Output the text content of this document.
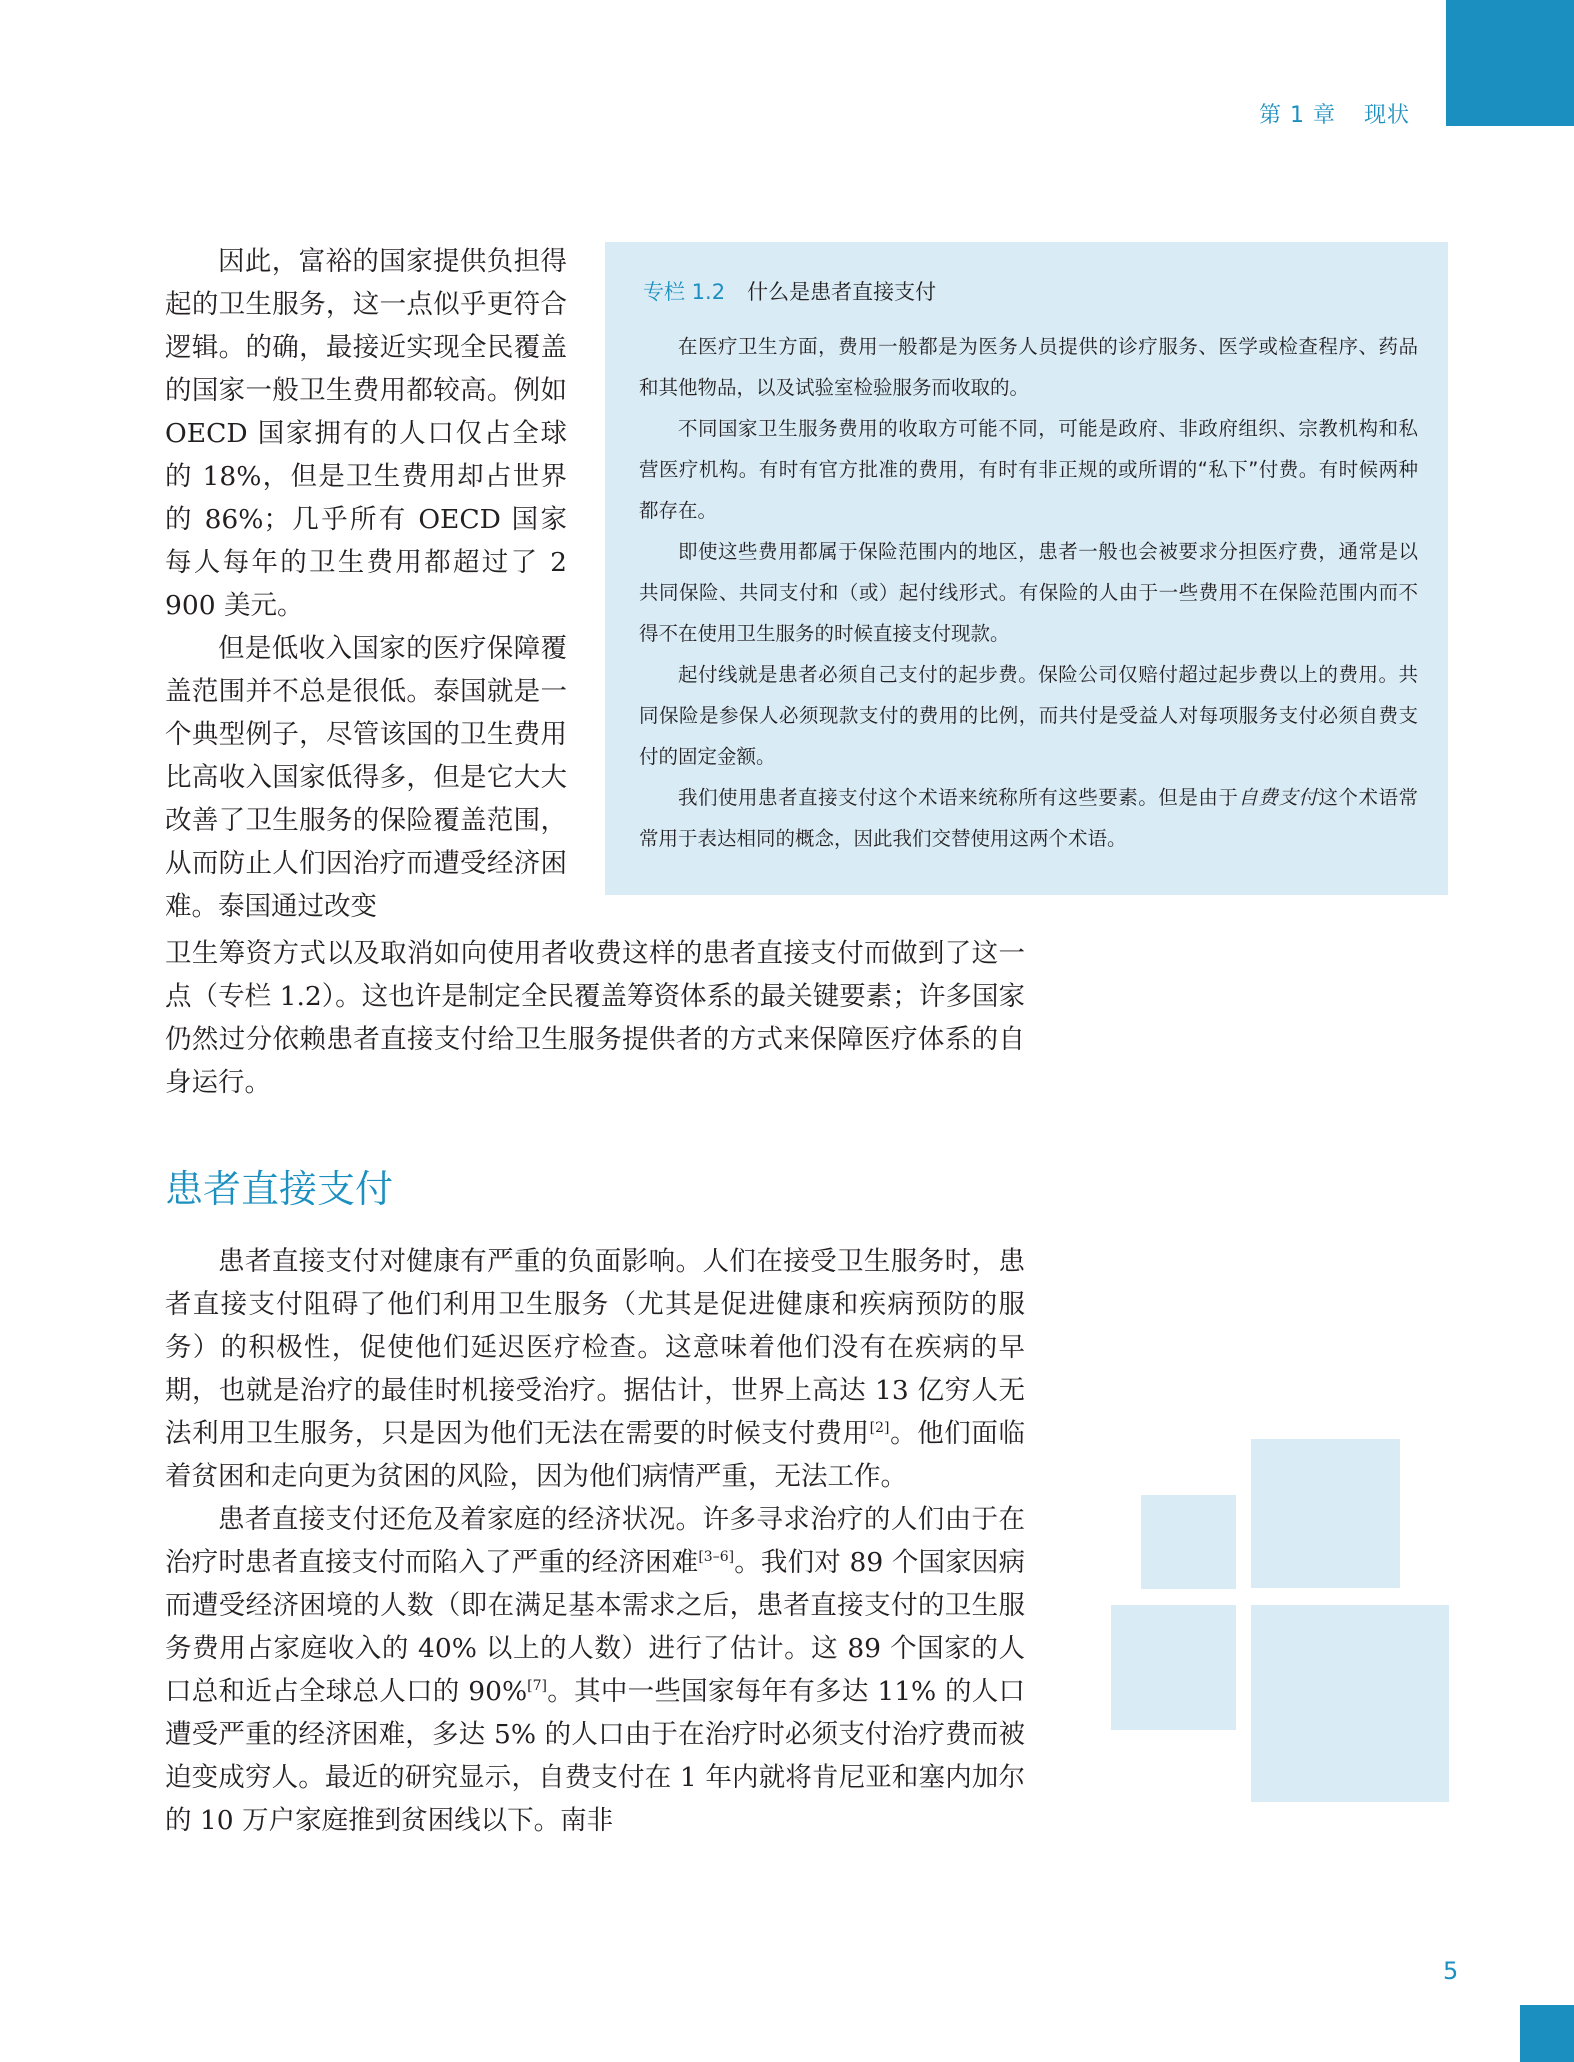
第 1 章 现状

因此，富裕的国家提供负担得起的卫生服务，这一点似乎更符合逻辑。的确，最接近实现全民覆盖的国家一般卫生费用都较高。例如 OECD 国家拥有的人口仅占全球的 18%，但是卫生费用却占世界的 86%；几乎所有 OECD 国家每人每年的卫生费用都超过了 2 900 美元。

但是低收入国家的医疗保障覆盖范围并不总是很低。泰国就是一个典型例子，尽管该国的卫生费用比高收入国家低得多，但是它大大改善了卫生服务的保险覆盖范围，从而防止人们因治疗而遭受经济困难。泰国通过改变

专栏 1.2 什么是患者直接支付

在医疗卫生方面，费用一般都是为医务人员提供的诊疗服务、医学或检查程序、药品和其他物品，以及试验室检验服务而收取的。

不同国家卫生服务费用的收取方可能不同，可能是政府、非政府组织、宗教机构和私营医疗机构。有时有官方批准的费用，有时有非正规的或所谓的“私下”付费。有时候两种都存在。

即使这些费用都属于保险范围内的地区，患者一般也会被要求分担医疗费，通常是以共同保险、共同支付和（或）起付线形式。有保险的人由于一些费用不在保险范围内而不得不在使用卫生服务的时候直接支付现款。

起付线就是患者必须自己支付的起步费。保险公司仅赔付超过起步费以上的费用。共同保险是参保人必须现款支付的费用的比例，而共付是受益人对每项服务支付必须自费支付的固定金额。

我们使用患者直接支付这个术语来统称所有这些要素。但是由于自费支付这个术语常常用于表达相同的概念，因此我们交替使用这两个术语。

卫生筹资方式以及取消如向使用者收费这样的患者直接支付而做到了这一点（专栏 1.2）。这也许是制定全民覆盖筹资体系的最关键要素；许多国家仍然过分依赖患者直接支付给卫生服务提供者的方式来保障医疗体系的自身运行。

患者直接支付

患者直接支付对健康有严重的负面影响。人们在接受卫生服务时，患者直接支付阻碍了他们利用卫生服务（尤其是促进健康和疾病预防的服务）的积极性，促使他们延迟医疗检查。这意味着他们没有在疾病的早期，也就是治疗的最佳时机接受治疗。据估计，世界上高达 13 亿穷人无法利用卫生服务，只是因为他们无法在需要的时候支付费用[2]。他们面临着贫困和走向更为贫困的风险，因为他们病情严重，无法工作。

患者直接支付还危及着家庭的经济状况。许多寻求治疗的人们由于在治疗时患者直接支付而陷入了严重的经济困难[3–6]。我们对 89 个国家因病而遭受经济困境的人数（即在满足基本需求之后，患者直接支付的卫生服务费用占家庭收入的 40% 以上的人数）进行了估计。这 89 个国家的人口总和近占全球总人口的 90%[7]。其中一些国家每年有多达 11% 的人口遭受严重的经济困难，多达 5% 的人口由于在治疗时必须支付治疗费而被迫变成穷人。最近的研究显示，自费支付在 1 年内就将肯尼亚和塞内加尔的 10 万户家庭推到贫困线以下。南非

5
